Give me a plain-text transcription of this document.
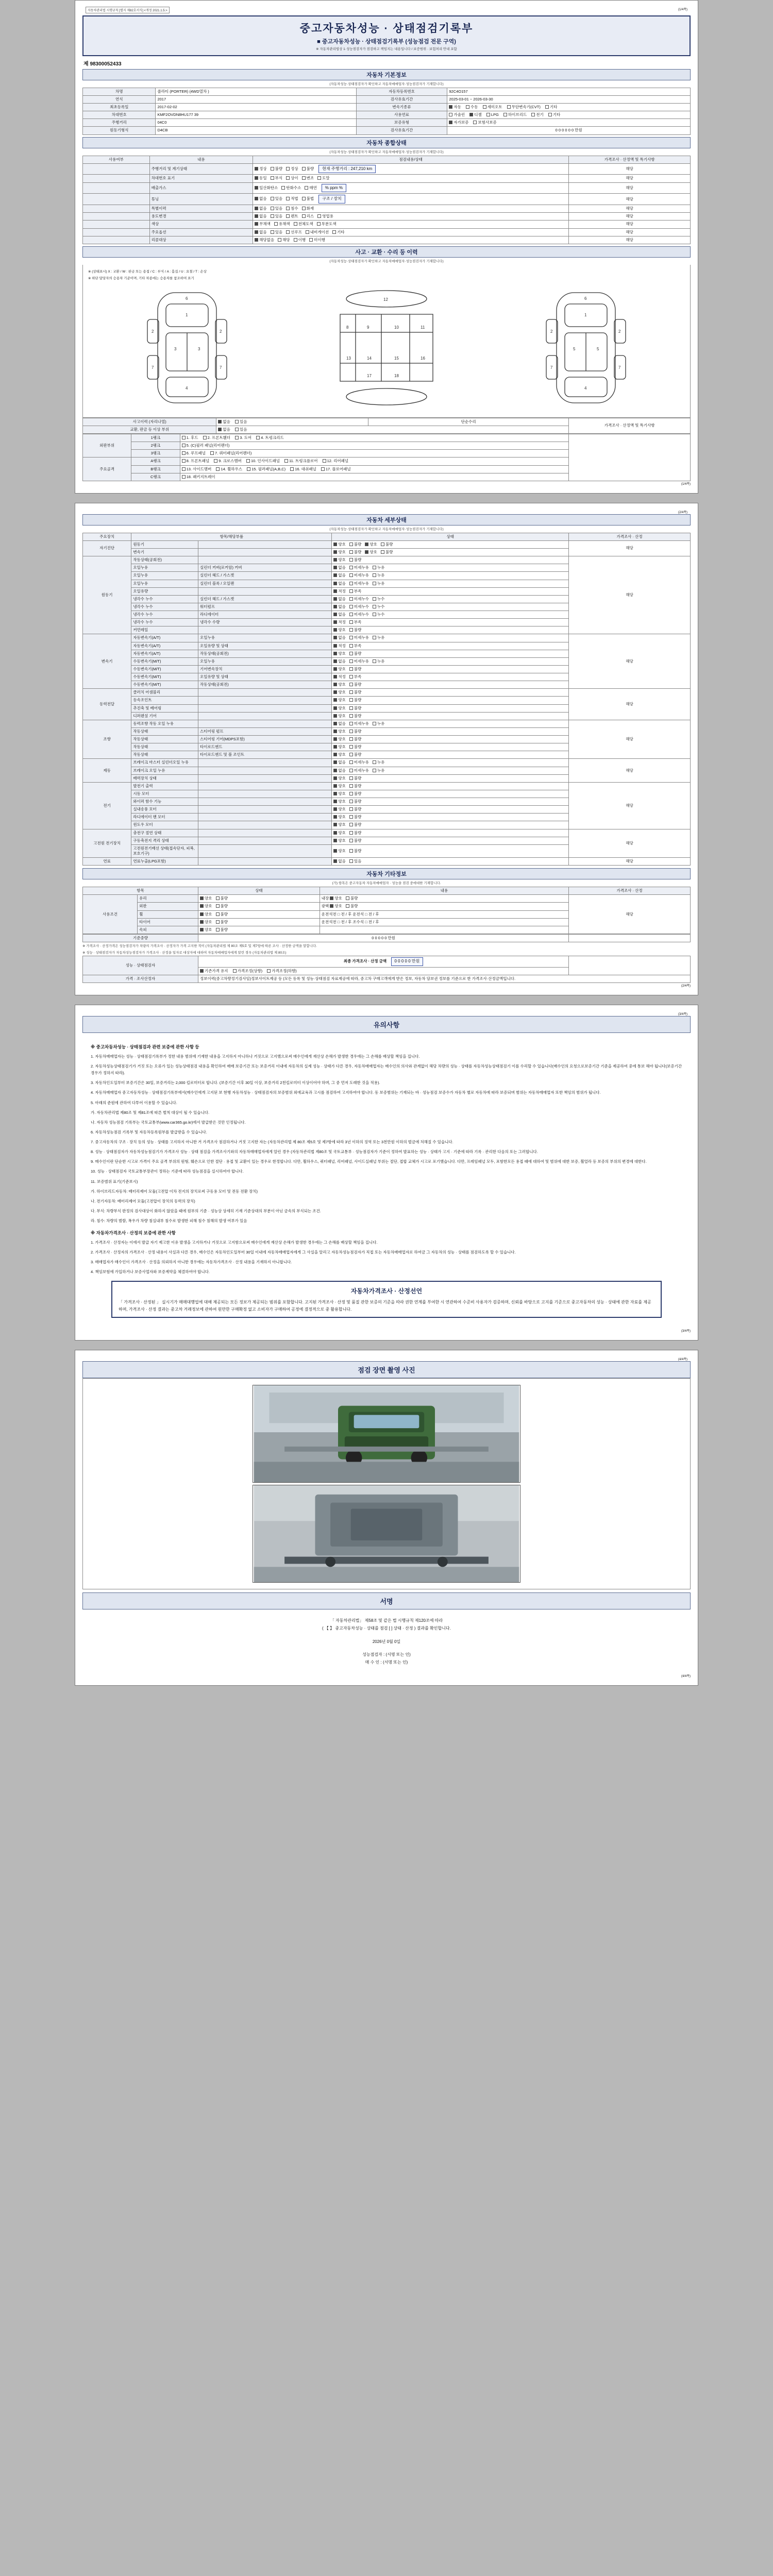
자동차관리법 시행규칙 [별지 제82호서식] <개정 2021.1.5.>	(1/4쪽)
중고자동차성능 · 상태점검기록부
■ 중고자동차성능 · 상태점검기록부 (성능점검 전문 구역)
※ 자동차관리법상 1·성능점검자가 점검하고 책임지는 내용입니다 / 보증범위 · 보험처리 안내 포함
제 98300052433
자동차 기본정보
(자동차성능·상태점검자가 확인하고 자동차매매업자·성능점검자가 기재합니다)
차명	쏠라티 (PORTER) (4WD열차 )	자동차등록번호	92C4O157
연식	2017	검사유효기간	2025-03-01 ~ 2026-03-30
최초등록일	2017-02-02	변속기종류	자동 수동 세미오토 무단변속기(CVT) 기타
차대번호	KMF2OVDN8HU177 39	사용연료	가솔린 디젤 LPG 하이브리드 전기 기타
주행거리	04C0	보증유형	자가보증 보험사보증
원동기형식	D4CB	검사유효기간	0 0 0 0 0 0 만원
자동차 종합상태
(자동차성능·상태점검자가 확인하고 자동차매매업자·성능점검자가 기재합니다)
사용여부	내용	점검내용/상태	가격조사 · 산정액 및 특기사항
	주행거리 및 계기상태	정상 불량 정상 불량 현재 주행거리 : 247,210 km	해당
	차대번호 표기	동일 부식 상이 변조 도말	해당
	배출가스	일산화탄소 탄화수소 매연 % ppm %	해당
	튜닝	없음 있음 적법 불법 구조 / 장치	해당
	특별이력	없음 있음 침수 화재	해당
	용도변경	없음 있음 렌트 리스 영업용	해당
	색상	무채색 유채색 전체도색 부분도색	해당
	주요옵션	없음 있음 선루프 내비게이션 기타	해당
	리콜대상	해당없음 해당 이행 미이행	해당
사고 · 교환 · 수리 등 이력
(자동차성능·상태점검자가 확인하고 자동차매매업자·성능점검자가 기재합니다)
※ (상태표시) X : 교환 / W : 판금 또는 용접 / C : 부식 / A : 흠집 / U : 요철 / T : 손상
※ 하단 담당자의 승용차 기준이며, 기타 차종에는 승용차를 참조하여 표기
6
1
3	3
2	2
7	7
4
8	9	10	11
13	14	15	16
17	18
12	6
1
5	5
2	2
7	7
4
사고이력 (자리나열)	없음 있음	단순수리	가격조사 · 산정액 및 특기사항
교환, 판금 등 이상 부위	없음 있음		
외판부위	1랭크	1. 후드 2. 프론트휀더 3. 도어 4. 트렁크리드	
	2랭크	5. (C)필러 패널(리어펜더)	
	3랭크	6. 루프패널 7. 쿼터패널(리어펜더)	
주요골격	A랭크	8. 프론트패널 9. 크로스멤버 10. 인사이드패널 11. 트렁크플로어 12. 리어패널	
	B랭크	13. 사이드멤버 14. 휠하우스 15. 필러패널(A,B,C) 16. 대쉬패널 17. 플로어패널	
	C랭크	18. 패키지트레이	
(1/4쪽)
(2/4쪽)
자동차 세부상태
(자동차성능·상태점검자가 확인하고 자동차매매업자·성능점검자가 기재합니다)
주요장치	항목/해당부품		상태	가격조사 · 산정
자기진단	원동기		양호 불량 양호 불량	해당
	변속기		양호 불량 양호 불량	
원동기	작동상태(공회전)		양호 불량	해당
	오일누유	실린더 커버(로커암) 커버	없음 미세누유 누유	
	오일누유	실린더 헤드 / 가스켓	없음 미세누유 누유	
	오일누유	실린더 블록 / 오일팬	없음 미세누유 누유	
	오일유량		적정 부족	
	냉각수 누수	실린더 헤드 / 가스켓	없음 미세누수 누수	
	냉각수 누수	워터펌프	없음 미세누수 누수	
	냉각수 누수	라디에이터	없음 미세누수 누수	
	냉각수 누수	냉각수 수량	적정 부족	
	커먼레일		양호 불량	
변속기	자동변속기(A/T)	오일누유	없음 미세누유 누유	해당
	자동변속기(A/T)	오일유량 및 상태	적정 부족	
	자동변속기(A/T)	작동상태(공회전)	양호 불량	
	수동변속기(M/T)	오일누유	없음 미세누유 누유	
	수동변속기(M/T)	기어변속장치	양호 불량	
	수동변속기(M/T)	오일유량 및 상태	적정 부족	
	수동변속기(M/T)	작동상태(공회전)	양호 불량	
동력전달	클러치 어셈블리		양호 불량	해당
	등속조인트		양호 불량	
	추진축 및 베어링		양호 불량	
	디퍼렌셜 기어		양호 불량	
조향	동력조향 작동 오일 누유		없음 미세누유 누유	해당
	작동상태	스티어링 펌프	양호 불량	
	작동상태	스티어링 기어(MDPS포함)	양호 불량	
	작동상태	타이로드엔드	양호 불량	
	작동상태	타이로드엔드 및 볼 조인트	양호 불량	
제동	브레이크 마스터 실린더오일 누유		없음 미세누유 누유	해당
	브레이크 오일 누유		없음 미세누유 누유	
	배력장치 상태		양호 불량	
전기	발전기 출력		양호 불량	해당
	시동 모터		양호 불량	
	와이퍼 함수 기능		양호 불량	
	실내송풍 모터		양호 불량	
	라디에이터 팬 모터		양호 불량	
	윈도우 모터		양호 불량	
고전원 전기장치	충전구 절연 상태		양호 불량	해당
	구동축전지 격리 상태		양호 불량	
	고전원전기배선 상태(접속단자, 피복, 보호기구)		양호 불량	
연료	연료누출(LPG포함)		없음 있음	해당
자동차 기타정보
(가) 항목은 중고자동차 자동차매매업자 · 성능을 점검 중에대한 기재합니다.
항목		상태	내용	가격조사 · 산정
사용조건	유리	양호 불량	내장 양호 불량	해당
	외판	양호 불량	광택 양호 불량	
	휠	양호 불량	운전석전 □ 전 / 후 운전석 □ 전 / 후	
	타이어	양호 불량	운전석전 □ 전 / 후 조수석 □ 전 / 후	
	속피	양호 불량		
기준중량	0 0 0 0 0 만원	
※ 가격조사 · 산정가격은 성능점검자가 차량의 가격조사 · 산정자가 가격 고지한 적이 (자동차관리법 제 80조 제5호 및 제7항에 따른 조사 · 산정한 금액을 말합니다.
※ 성능 · 상태점검자가 자동차성능점검자가 가격조사 · 산정을 일자로 대상자에 대하여 자동차매매업자에게 알린 경우 (자동차관리법 제 80조)
성능 · 상태점검자	최종 가격조사 · 산정 금액 0 0 0 0 0 만원	
	기존가격 유지 가격조정(상향) 가격조정(하향)	
가격 · 조사산정자	정보이력(중고차량정기검사임)정보사이트제공 등 (모든 등록 및 성능·상태점검 자료제공에 따라, 중고차 구매고객에게 받은 정보, 자동차 담보권 정보를 기준으로 한 가격조사·산정금액입니다.	
(2/4쪽)
(3/4쪽)
유의사항
※ 중고차동차성능 · 상태점검과 관련 보증에 관한 사항 등

1. 자동차매매업자는 성능 · 상태점검기록부가 정한 내용 범위에 기재한 내용을 고지하지 아니하나 거짓으로 고지했으로써 매수인에게 재산상 손해가 발생한 경우에는 그 손해를 배상할 책임을 집니다.

2. 자동차성능상태점검기가 거짓 또는 오류가 있는 성능상태점검 내용을 확인하여 매매 보증기간 또는 보증거리 이내에 자동차의 실제 성능 · 상태가 다른 경우, 자동차매매업자는 매수인의 의사와 관계없이 해당 차량의 성능 · 상태를 자동차성능상태점검기 이를 수리할 수 있습니다(매수인의 요청으로보증기간 기준을 제공하여 중에 통보 해야 됩니다(보증기간 경우가 정하지 따라).

3. 자동차인도일부터 보증기간은 30일, 보증거리는 2,000 킬로미터로 합니다. (보증기간 이후 30일 이상, 보증거리 2천킬로미터 이상이어야 하며, 그 중 먼저 도래한 것을 적용).

4. 자동차매매업자 중고자동차성능 · 상태점검기록부에서(매수인에게 고지된 보 현행 자동차성능 · 상태점검자의 보증범위 외에교육과 고시를 점검하여 고지하여야 합니다. 동 보증범위는 기재되는 바 · 성능점검 보증수가 자동차 별로 자동차에 따라 보증되며 범위는 자동차매매업자 또한 책임의 범위가 됩니다.

5. 아래의 준원에 관하여 다투어 이용할 수 있습니다.

가. 자동차관리법 제80조 및 제81조에 따른 벌칙 대상이 될 수 있습니다.

나. 자동차 성능점검 기록부는 국토교통부(www.car365.go.kr)에서 발급받은 것만 인정됩니다.

6. 자동차성능점검 기록부 및 자동차등록원부를 발급받을 수 있습니다.

7. 중고자동차의 구조 · 장치 등의 성능 · 상태를 고지하지 아니한 거 가격조사 점검하거나 거짓 고지한 자는 (자동차관리법 제 80조 제5호 및 제7항에 따라 3년 이하의 징역 또는 3천만원 이하의 벌금에 처해질 수 있습니다.

8. 성능 · 상태점검자가 자동차성능점검기가 가격조사 성능 · 상태 점검을 가격조사기와의 자동차매매업자에게 알린 경우 (자동차관리법 제80조 및 국토교통부 · 성능점검자가 기준이 정하여 발표하는 성능 · 상태가 고지 · 기준에 따라 기록 · 관리한 다음의 또는 그러합니다.

9. 매수인이란 단순한 시고로 가격이 주요 골격 부위의 원형, 훼손으로 인한 절단 · 용접 및 교환이 있는 경우로 한정합니다. 다만, 휠하우스, 쿼터패널, 리어패널, 사이드실패널 부위는 절단, 접합 교체가 시고로 포기했습니다. 다만, 프레임패널 모두, 포함한모든 용접 때에 대하여 및 범위에 대한 보증, 휠얼라 등 보증의 부위의 변경에 대한다.

10. 성능 · 상태점검자 국토교통부장관이 정하는 기준에 따라 성능점검을 실시하여야 합니다.

11. 보증범위 표기(기준보시)

가. 하이브리드자동차: 배터리제어 모듈(고전압 이차 전지의 장치로써 구동용 모터 및 전동 전환 장치)

나. 전기자동차: 배터리제어 모듈(고전압이 장치의 동력의 장치)

다. 부식: 차량부식 판정의 검사대상이 화하지 않았을 때에 원부의 기준 · 성능상 상세히 기재 기준상대의 부분이 아닌 금속의 부식되는 조건.

라. 침수: 차량의 범람, 폭우가 차량 침실내부 침수로 발생한 피해 침수 침해의 발생 여부가 있음

※ 자동차가격조사 · 산정의 보증에 관한 사항

1. 가격조사 · 산정자는 이에서 발급 자기 제고한 이유 발생을 고지하거나 거짓으로 고지함으로써 매수인에게 재산상 손해가 발생한 경우에는 그 손해를 배상할 책임을 집니다.

2. 가격조사 · 산정자의 가격조사 · 산정 내용이 사실과 다른 경우, 매수인은 자동차인도일부터 30일 이내에 자동차매매업자에게 그 사실을 알리고 자동차성능점검자가 직접 또는 자동차매매업자로 하여금 그 자동차의 성능 · 상태를 점검하도록 할 수 있습니다.

3. 매매업자가 매수인이 가격조사 · 산정을 의뢰하지 아니한 경우에는 자동차가격조사 · 산정 내용을 기재하지 아니합니다.

4. 책임보험에 가입하거나 보증사업자와 보증계약을 체결하여야 합니다.

자동차가격조사 · 산정선언
「 가격조사 · 산정된 」 실시기가 매매대행업에 대해 제공되는 모든 정보가 제공되는 범위를 포함합니다. 고지된 가격조사 · 산정 및 품질 관한 보증의 기준을 따라 권한 연계를 부여한 시 연관하여 수준비 사용자가 검증하며, 신뢰를 바탕으로 고지를 기준으로 중고자동차의 성능 · 상태에 관한 자료를 제공하며, 가격조사 · 산정 결과는 중고차 거래정보에 관하여 원만한 구매확정 없고 소비자가 구매하여 공정에 결정적으로 중 활용합니다.
(3/4쪽)
(4/4쪽)
점검 장면 촬영 사진
서명
「 자동차관리법」 제58조 및 같은 법 시행규칙 제120조에 따라
( 【 】 중고자동차성능 · 상태를 점검 [ ] 상태 · 산정 ) 결과를 확인합니다.
2026년 0월 0일
성능점검자 : (서명 또는 인)
매 수 인 : (서명 또는 인)
(4/4쪽)
